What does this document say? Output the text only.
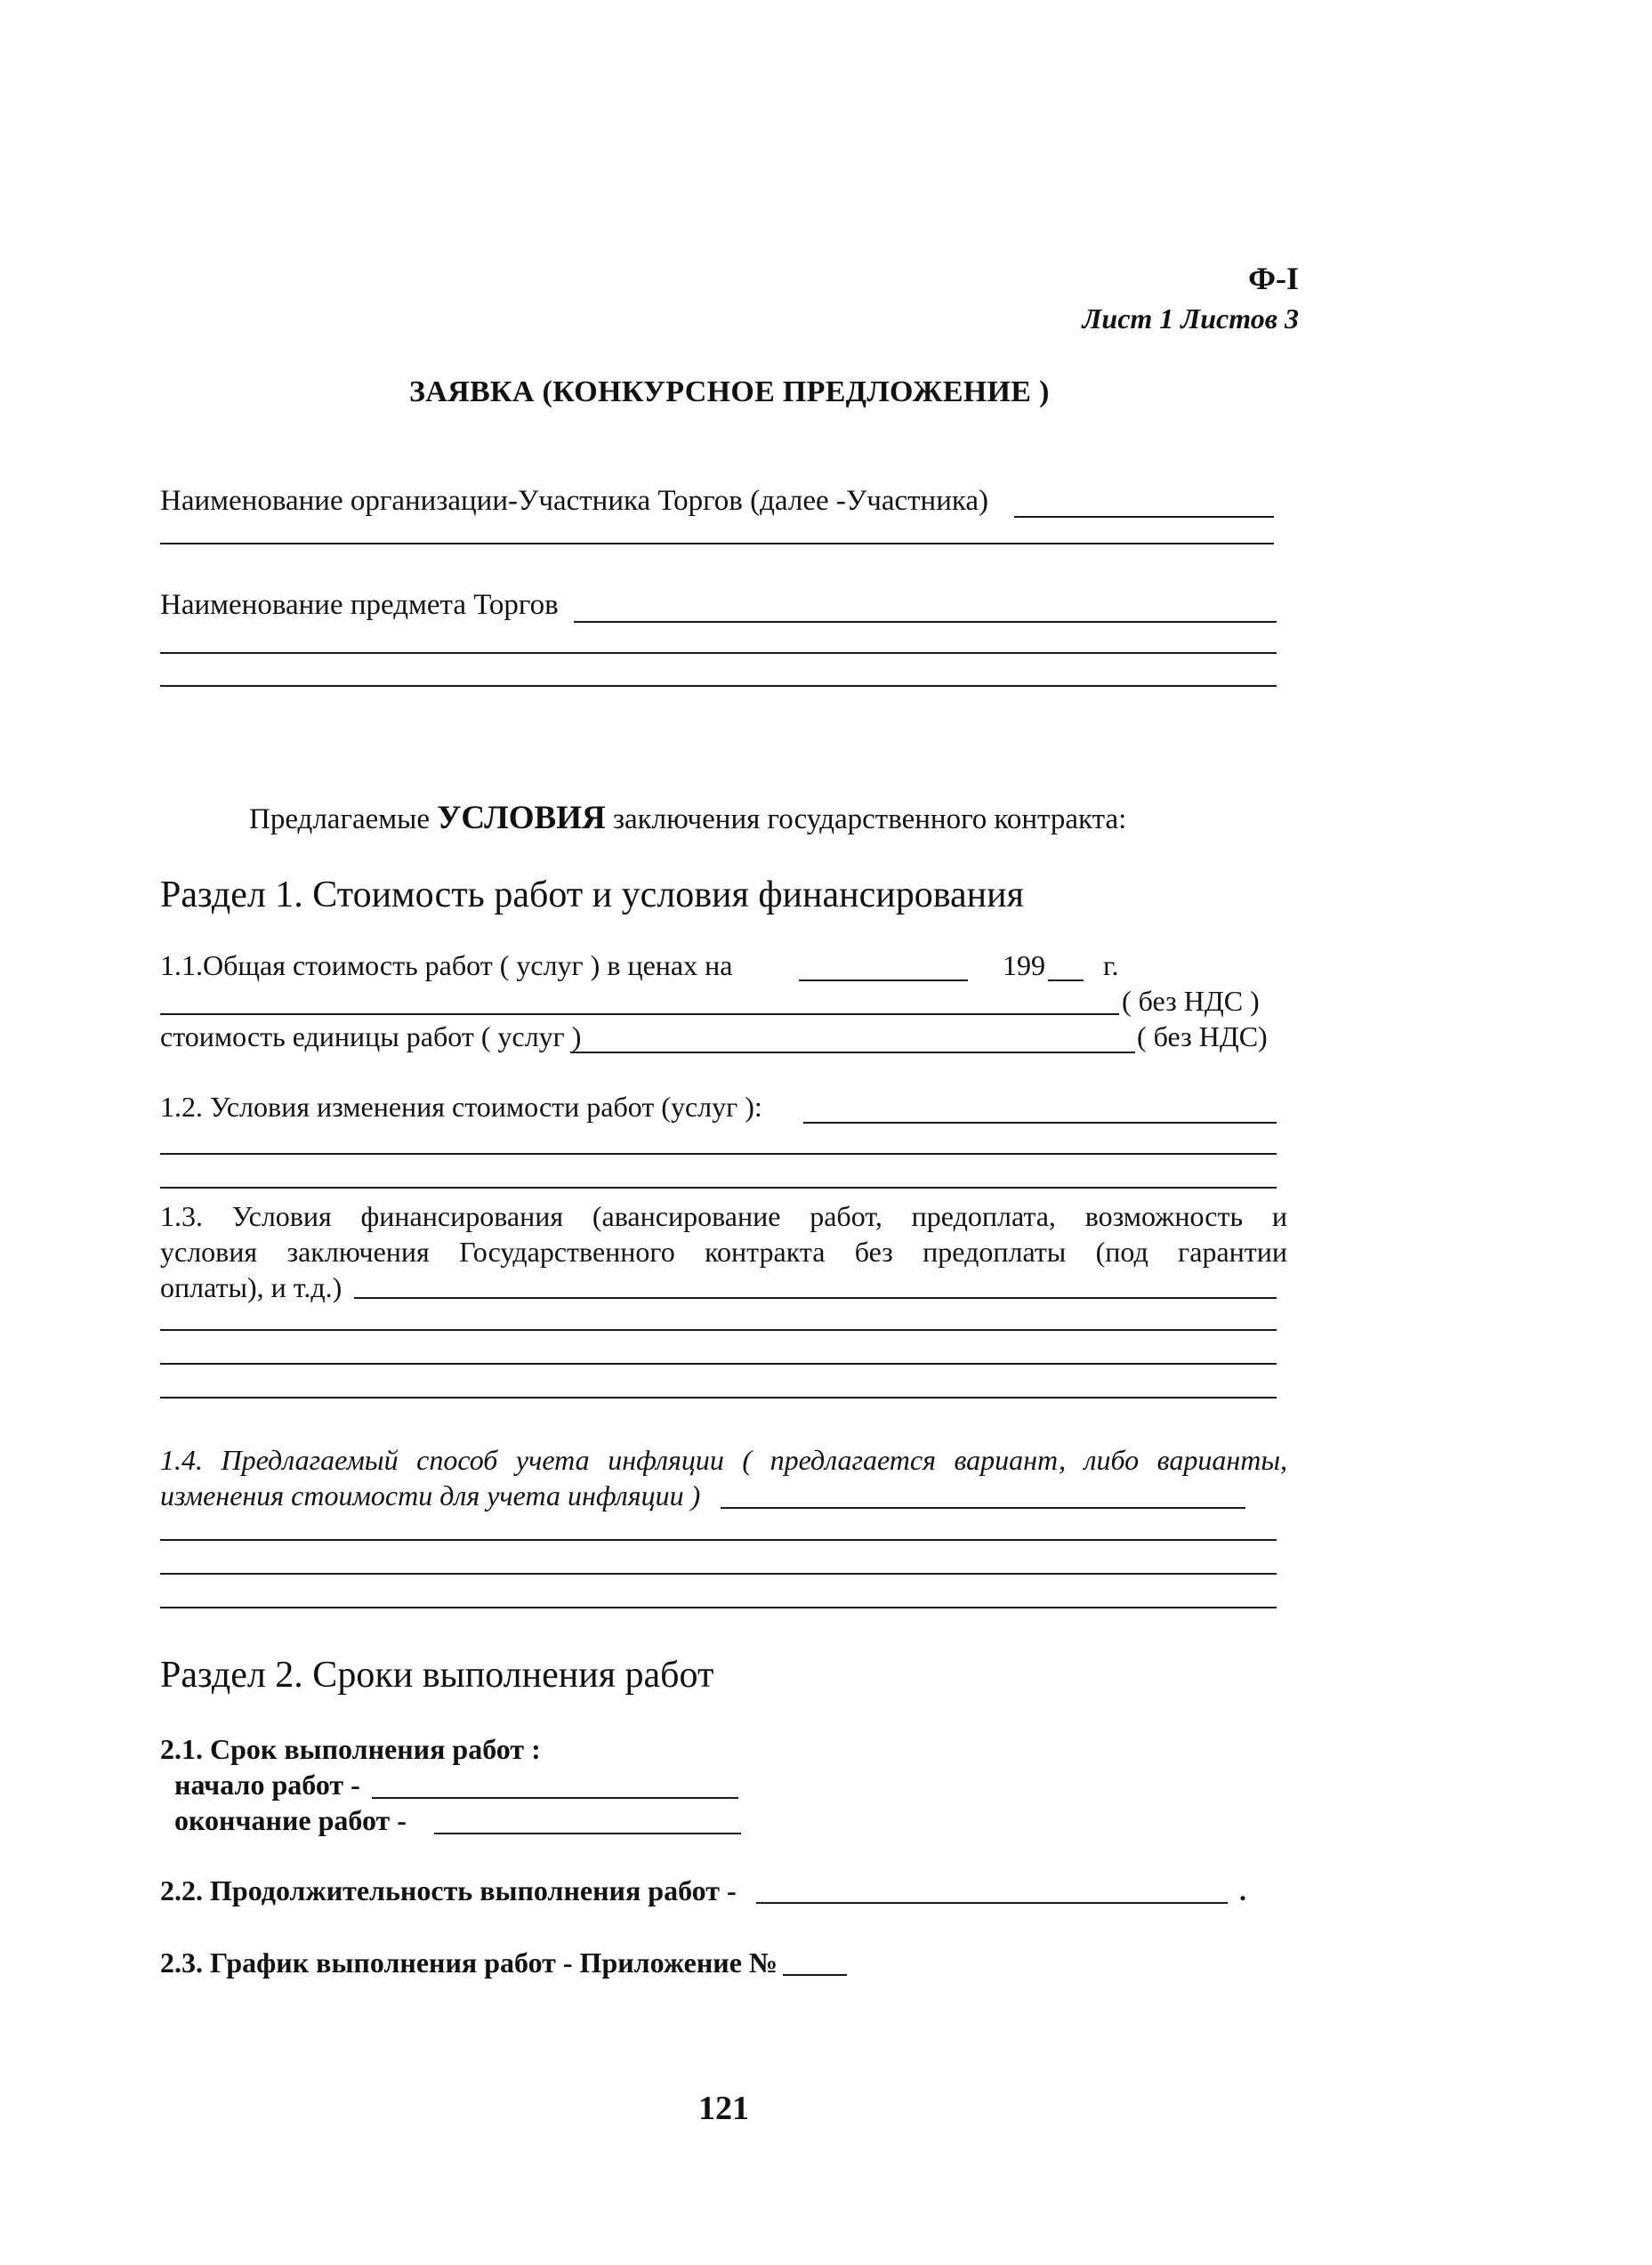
Ф-I
Лист 1 Листов 3
ЗАЯВКА (КОНКУРСНОЕ ПРЕДЛОЖЕНИЕ )
Наименование организации-Участника Торгов (далее -Участника)
Наименование предмета Торгов
Предлагаемые УСЛОВИЯ заключения государственного контракта:
Раздел 1. Стоимость работ и условия финансирования
1.1.Общая стоимость работ ( услуг ) в ценах на	199 г.
( без НДС )
стоимость единицы работ ( услуг )	( без НДС)
1.2. Условия изменения стоимости работ (услуг ):
1.3. Условия финансирования (авансирование работ, предоплата, возможность и
условия заключения Государственного контракта без предоплаты (под гарантии
оплаты), и т.д.)
1.4. Предлагаемый способ учета инфляции ( предлагается вариант, либо варианты,
изменения стоимости для учета инфляции )
Раздел 2. Сроки выполнения работ
2.1. Срок выполнения работ :
начало работ -
окончание работ -
2.2. Продолжительность выполнения работ -	.
2.3. График выполнения работ - Приложение №
121
